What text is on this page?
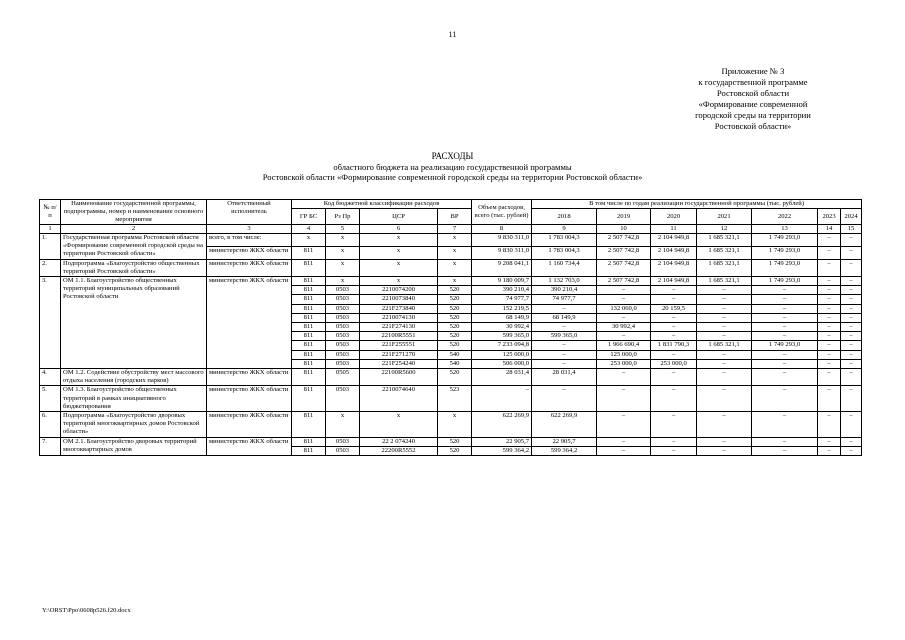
11
Приложение № 3
к государственной программе
Ростовской области
«Формирование современной
городской среды на территории
Ростовской области»
РАСХОДЫ
областного бюджета на реализацию государственной программы
Ростовской области «Формирование современной городской среды на территории Ростовской области»
№ п/п	Наименование государственной программы, подпрограммы, номер и наименование основного мероприятия	Ответственный исполнитель	Код бюджетной классификации расходов				Объем расходов, всего (тыс. рублей)	В том числе по годам реализации государственной программы (тыс. рублей)						
			ГР БС	Рз Пр	ЦСР	ВР		2018	2019	2020	2021	2022	2023	2024

1	2	3	4	5	6	7	8	9	10	11	12	13	14	15
1.	Государственная программа Ростовской области «Формирование современной городской среды на территории Ростовской области»	всего, в том числе:	х	х	х	х	9 830 311,0	1 783 004,3	2 507 742,8	2 104 949,8	1 685 321,1	1 749 293,0	–	–
		министерство ЖКХ области	811	х	х	х	9 830 311,0	1 783 004,3	2 507 742,8	2 104 949,8	1 685 321,1	1 749 293,0	–	–
2.	Подпрограмма «Благоустройство общественных территорий Ростовской области»	министерство ЖКХ области	811	х	х	х	9 208 041,1	1 160 734,4	2 507 742,8	2 104 949,8	1 685 321,1	1 749 293,0	–	–
3.	ОМ 1.1. Благоустройство общественных территорий муниципальных образований Ростовской области	министерство ЖКХ области	811	х	х	х	9 180 009,7	1 132 703,0	2 507 742,8	2 104 949,8	1 685 321,1	1 749 293,0	–	–
			811	0503	2210074200	520	390 210,4	390 210,4	–	–	–	–	–	–
			811	0503	2210073840	520	74 977,7	74 977,7	–	–	–	–	–	–
			811	0503	221F273840	520	152 219,5	–	132 060,0	20 159,5	–	–	–	–
			811	0503	2210074130	520	68 149,9	68 149,9	–	–	–	–	–	–
			811	0503	221F274130	520	30 992,4	–	30 992,4	–	–	–	–	–
			811	0503	22100R5551	520	599 365,0	599 365,0	–	–	–	–	–	–
			811	0503	221F255551	520	7 233 094,8	–	1 966 690,4	1 831 790,3	1 685 321,1	1 749 293,0	–	–
			811	0503	221F271270	540	125 000,0	–	125 000,0	–	–	–	–	–
			811	0503	221F254240	540	506 000,0	–	253 000,0	253 000,0	–	–	–	–
4.	ОМ 1.2. Содействие обустройству мест массового отдыха населения (городских парков)	министерство ЖКХ области	811	0505	22100R5600	520	28 031,4	28 031,4	–	–	–	–	–	–
5.	ОМ 1.3. Благоустройство общественных территорий в рамках инициативного бюджетирования	министерство ЖКХ области	811	0503	2210074640	523	–	–	–	–	–	–	–	–
6.	Подпрограмма «Благоустройство дворовых территорий многоквартирных домов Ростовской области»	министерство ЖКХ области	811	х	х	х	622 269,9	622 269,9	–	–	–	–	–	–
7.	ОМ 2.1. Благоустройство дворовых территорий многоквартирных домов	министерство ЖКХ области	811	0503	22 2 074240	520	22 905,7	22 905,7	–	–	–	–	–	–
			811	0503	22200R5552	520	599 364,2	599 364,2	–	–	–	–	–	–
Y:\ORST\Ppo\0608p526.f20.docx
